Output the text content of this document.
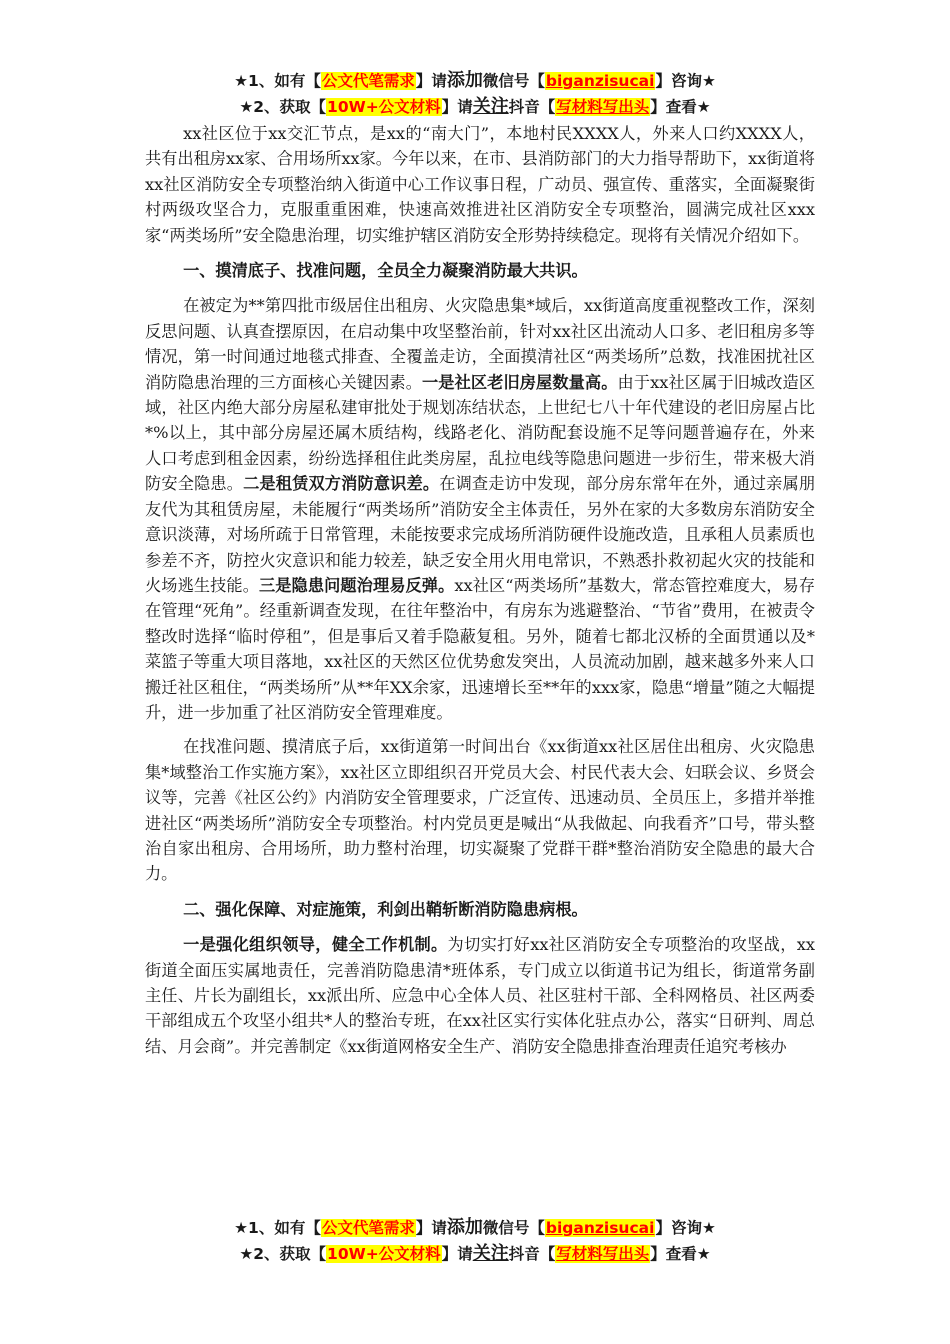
★1、如有【公文代笔需求】请添加微信号【biganzisucai】咨询★
★2、获取【10W+公文材料】请关注抖音【写材料写出头】查看★

xx社区位于xx交汇节点，是xx的“南大门”，本地村民XXXX人，外来人口约XXXX人，共有出租房xx家、合用场所xx家。今年以来，在市、县消防部门的大力指导帮助下，xx街道将xx社区消防安全专项整治纳入街道中心工作议事日程，广动员、强宣传、重落实，全面凝聚街村两级攻坚合力，克服重重困难，快速高效推进社区消防安全专项整治，圆满完成社区xxx家“两类场所”安全隐患治理，切实维护辖区消防安全形势持续稳定。现将有关情况介绍如下。

一、摸清底子、找准问题，全员全力凝聚消防最大共识。

在被定为**第四批市级居住出租房、火灾隐患集*域后，xx街道高度重视整改工作，深刻反思问题、认真查摆原因，在启动集中攻坚整治前，针对xx社区出流动人口多、老旧租房多等情况，第一时间通过地毯式排查、全覆盖走访，全面摸清社区“两类场所”总数，找准困扰社区消防隐患治理的三方面核心关键因素。一是社区老旧房屋数量高。由于xx社区属于旧城改造区域，社区内绝大部分房屋私建审批处于规划冻结状态，上世纪七八十年代建设的老旧房屋占比*%以上，其中部分房屋还属木质结构，线路老化、消防配套设施不足等问题普遍存在，外来人口考虑到租金因素，纷纷选择租住此类房屋，乱拉电线等隐患问题进一步衍生，带来极大消防安全隐患。二是租赁双方消防意识差。在调查走访中发现，部分房东常年在外，通过亲属朋友代为其租赁房屋，未能履行“两类场所”消防安全主体责任，另外在家的大多数房东消防安全意识淡薄，对场所疏于日常管理，未能按要求完成场所消防硬件设施改造，且承租人员素质也参差不齐，防控火灾意识和能力较差，缺乏安全用火用电常识，不熟悉扑救初起火灾的技能和火场逃生技能。三是隐患问题治理易反弹。xx社区“两类场所”基数大，常态管控难度大，易存在管理“死角”。经重新调查发现，在往年整治中，有房东为逃避整治、“节省”费用，在被责令整改时选择“临时停租”，但是事后又着手隐蔽复租。另外，随着七都北汉桥的全面贯通以及*菜篮子等重大项目落地，xx社区的天然区位优势愈发突出，人员流动加剧，越来越多外来人口搬迁社区租住，“两类场所”从**年XX余家，迅速增长至**年的xxx家，隐患“增量”随之大幅提升，进一步加重了社区消防安全管理难度。

在找准问题、摸清底子后，xx街道第一时间出台《xx街道xx社区居住出租房、火灾隐患集*域整治工作实施方案》，xx社区立即组织召开党员大会、村民代表大会、妇联会议、乡贤会议等，完善《社区公约》内消防安全管理要求，广泛宣传、迅速动员、全员压上，多措并举推进社区“两类场所”消防安全专项整治。村内党员更是喊出“从我做起、向我看齐”口号，带头整治自家出租房、合用场所，助力整村治理，切实凝聚了党群干群*整治消防安全隐患的最大合力。

二、强化保障、对症施策，利剑出鞘斩断消防隐患病根。

一是强化组织领导，健全工作机制。为切实打好xx社区消防安全专项整治的攻坚战，xx街道全面压实属地责任，完善消防隐患清*班体系，专门成立以街道书记为组长，街道常务副主任、片长为副组长，xx派出所、应急中心全体人员、社区驻村干部、全科网格员、社区两委干部组成五个攻坚小组共*人的整治专班，在xx社区实行实体化驻点办公，落实“日研判、周总结、月会商”。并完善制定《xx街道网格安全生产、消防安全隐患排查治理责任追究考核办

★1、如有【公文代笔需求】请添加微信号【biganzisucai】咨询★
★2、获取【10W+公文材料】请关注抖音【写材料写出头】查看★
